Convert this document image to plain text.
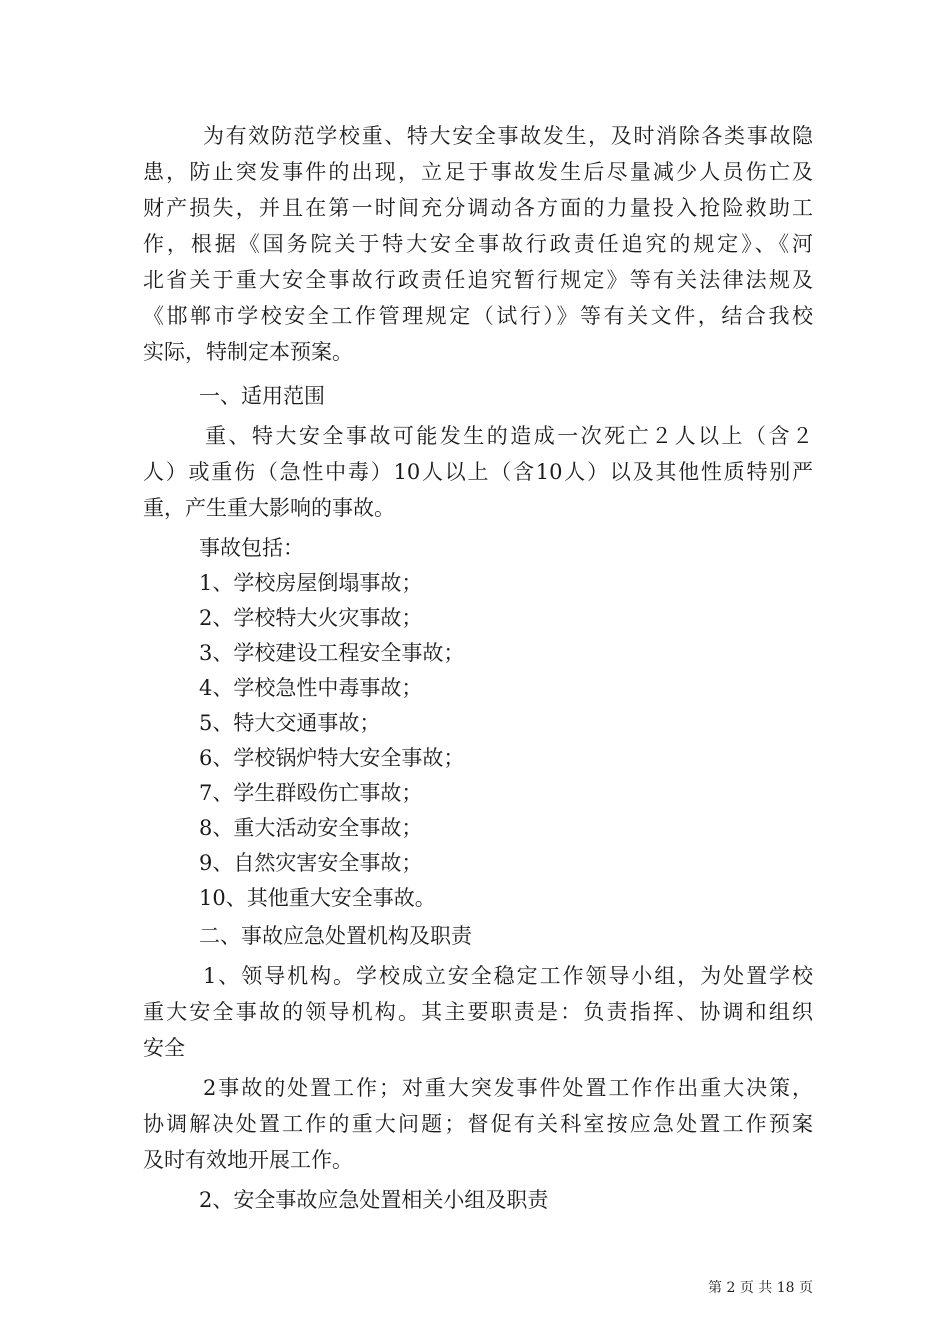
为有效防范学校重、特大安全事故发生，及时消除各类事故隐
患，防止突发事件的出现，立足于事故发生后尽量减少人员伤亡及
财产损失，并且在第一时间充分调动各方面的力量投入抢险救助工
作，根据《国务院关于特大安全事故行政责任追究的规定》、《河
北省关于重大安全事故行政责任追究暂行规定》等有关法律法规及
《邯郸市学校安全工作管理规定（试行）》等有关文件，结合我校
实际，特制定本预案。
一、适用范围
重、特大安全事故可能发生的造成一次死亡２人以上（含２
人）或重伤（急性中毒）10人以上（含10人）以及其他性质特别严
重，产生重大影响的事故。
事故包括：
1、学校房屋倒塌事故；
2、学校特大火灾事故；
3、学校建设工程安全事故；
4、学校急性中毒事故；
5、特大交通事故；
6、学校锅炉特大安全事故；
7、学生群殴伤亡事故；
8、重大活动安全事故；
9、自然灾害安全事故；
10、其他重大安全事故。
二、事故应急处置机构及职责
1、领导机构。学校成立安全稳定工作领导小组，为处置学校
重大安全事故的领导机构。其主要职责是：负责指挥、协调和组织
安全
2事故的处置工作；对重大突发事件处置工作作出重大决策，
协调解决处置工作的重大问题；督促有关科室按应急处置工作预案
及时有效地开展工作。
2、安全事故应急处置相关小组及职责
第 2 页 共 18 页
